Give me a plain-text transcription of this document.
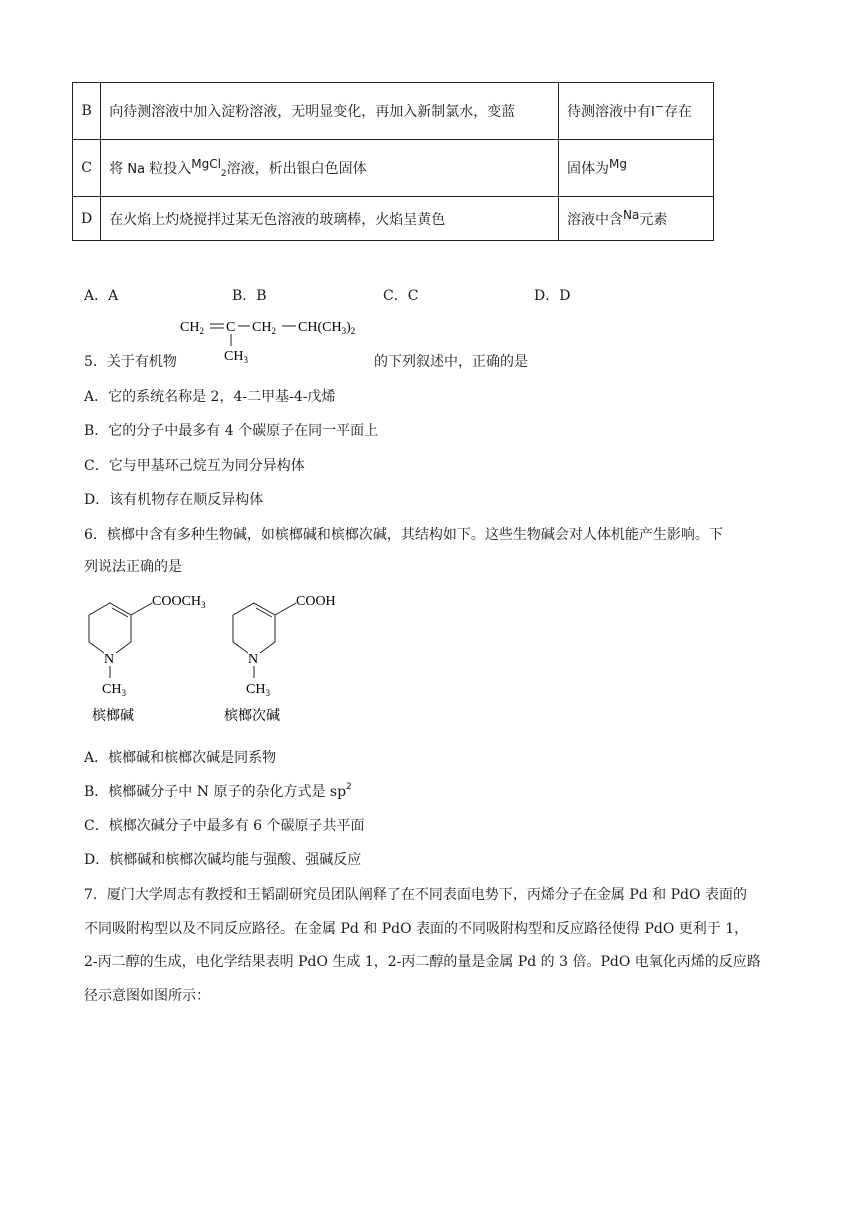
B	向待测溶液中加入淀粉溶液，无明显变化，再加入新制氯水，变蓝	待测溶液中有I−存在
C	将 Na 粒投入MgCl$_2$溶液，析出银白色固体	固体为Mg
D	在火焰上灼烧搅拌过某无色溶液的玻璃棒，火焰呈黄色	溶液中含Na元素
A．A	B．B	C．C	D．D
5．关于有机物
$CH_2$ C $CH_2$ $CH(CH_3)_2$
$CH_3$	的下列叙述中，正确的是
A．它的系统名称是 2，4-二甲基-4-戊烯
B．它的分子中最多有 4 个碳原子在同一平面上
C．它与甲基环己烷互为同分异构体
D．该有机物存在顺反异构体
6．槟榔中含有多种生物碱，如槟榔碱和槟榔次碱，其结构如下。这些生物碱会对人体机能产生影响。下
列说法正确的是
$COOCH_3$
N
$CH_3$
槟榔碱
COOH
N
$CH_3$
槟榔次碱
A．槟榔碱和槟榔次碱是同系物
B．槟榔碱分子中 N 原子的杂化方式是 $sp^2$
C．槟榔次碱分子中最多有 6 个碳原子共平面
D．槟榔碱和槟榔次碱均能与强酸、强碱反应
7．厦门大学周志有教授和王韬副研究员团队阐释了在不同表面电势下，丙烯分子在金属 Pd 和 PdO 表面的
不同吸附构型以及不同反应路径。在金属 Pd 和 PdO 表面的不同吸附构型和反应路径使得 PdO 更利于 1，
2-丙二醇的生成，电化学结果表明 PdO 生成 1，2-丙二醇的量是金属 Pd 的 3 倍。PdO 电氧化丙烯的反应路
径示意图如图所示：
